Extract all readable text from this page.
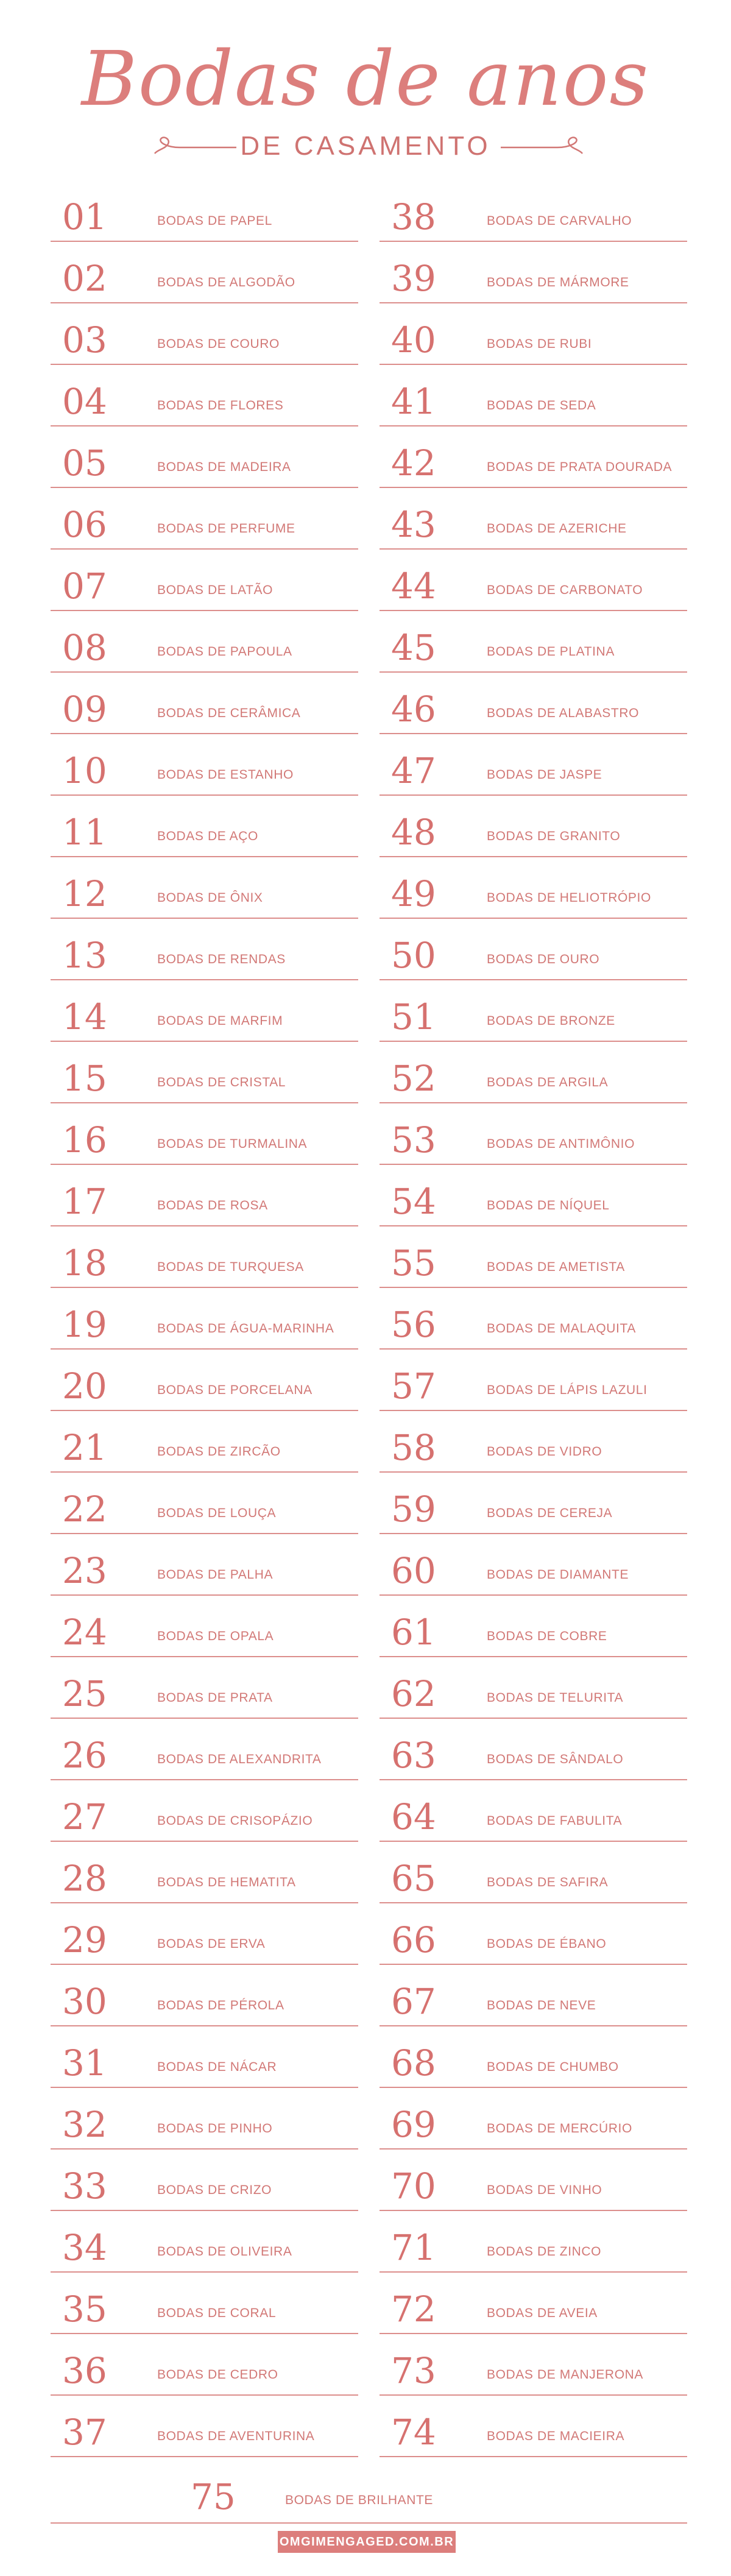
Bodas de anos
DE CASAMENTO
01	BODAS DE PAPEL
02	BODAS DE ALGODÃO
03	BODAS DE COURO
04	BODAS DE FLORES
05	BODAS DE MADEIRA
06	BODAS DE PERFUME
07	BODAS DE LATÃO
08	BODAS DE PAPOULA
09	BODAS DE CERÂMICA
10	BODAS DE ESTANHO
11	BODAS DE AÇO
12	BODAS DE ÔNIX
13	BODAS DE RENDAS
14	BODAS DE MARFIM
15	BODAS DE CRISTAL
16	BODAS DE TURMALINA
17	BODAS DE ROSA
18	BODAS DE TURQUESA
19	BODAS DE ÁGUA-MARINHA
20	BODAS DE PORCELANA
21	BODAS DE ZIRCÃO
22	BODAS DE LOUÇA
23	BODAS DE PALHA
24	BODAS DE OPALA
25	BODAS DE PRATA
26	BODAS DE ALEXANDRITA
27	BODAS DE CRISOPÁZIO
28	BODAS DE HEMATITA
29	BODAS DE ERVA
30	BODAS DE PÉROLA
31	BODAS DE NÁCAR
32	BODAS DE PINHO
33	BODAS DE CRIZO
34	BODAS DE OLIVEIRA
35	BODAS DE CORAL
36	BODAS DE CEDRO
37	BODAS DE AVENTURINA
38	BODAS DE CARVALHO
39	BODAS DE MÁRMORE
40	BODAS DE RUBI
41	BODAS DE SEDA
42	BODAS DE PRATA DOURADA
43	BODAS DE AZERICHE
44	BODAS DE CARBONATO
45	BODAS DE PLATINA
46	BODAS DE ALABASTRO
47	BODAS DE JASPE
48	BODAS DE GRANITO
49	BODAS DE HELIOTRÓPIO
50	BODAS DE OURO
51	BODAS DE BRONZE
52	BODAS DE ARGILA
53	BODAS DE ANTIMÔNIO
54	BODAS DE NÍQUEL
55	BODAS DE AMETISTA
56	BODAS DE MALAQUITA
57	BODAS DE LÁPIS LAZULI
58	BODAS DE VIDRO
59	BODAS DE CEREJA
60	BODAS DE DIAMANTE
61	BODAS DE COBRE
62	BODAS DE TELURITA
63	BODAS DE SÂNDALO
64	BODAS DE FABULITA
65	BODAS DE SAFIRA
66	BODAS DE ÉBANO
67	BODAS DE NEVE
68	BODAS DE CHUMBO
69	BODAS DE MERCÚRIO
70	BODAS DE VINHO
71	BODAS DE ZINCO
72	BODAS DE AVEIA
73	BODAS DE MANJERONA
74	BODAS DE MACIEIRA
75	BODAS DE BRILHANTE
OMGIMENGAGED.COM.BR
